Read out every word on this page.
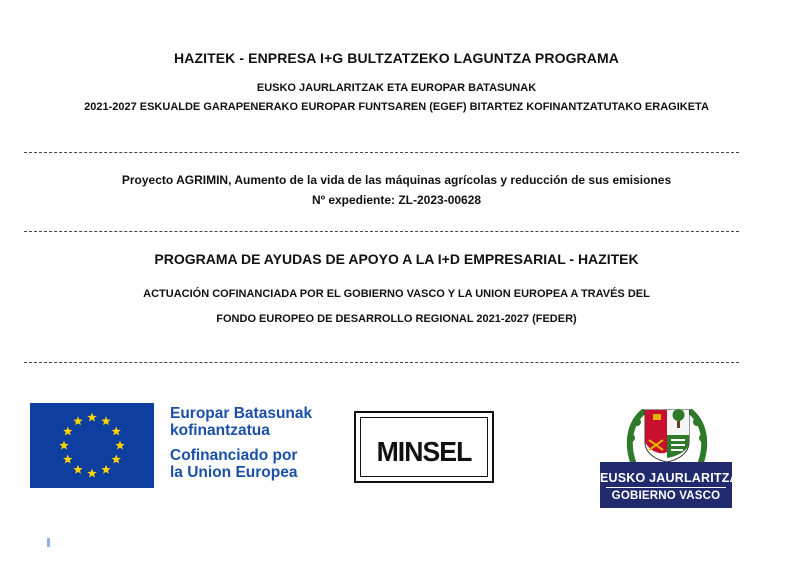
HAZITEK - ENPRESA I+G BULTZATZEKO LAGUNTZA PROGRAMA
EUSKO JAURLARITZAK ETA EUROPAR BATASUNAK
2021-2027 ESKUALDE GARAPENERAKO EUROPAR FUNTSAREN (EGEF) BITARTEZ KOFINANTZATUTAKO ERAGIKETA
Proyecto AGRIMIN, Aumento de la vida de las máquinas agrícolas y reducción de sus emisiones
Nº expediente: ZL-2023-00628
PROGRAMA DE AYUDAS DE APOYO A LA I+D EMPRESARIAL - HAZITEK
ACTUACIÓN COFINANCIADA POR EL GOBIERNO VASCO Y LA UNION EUROPEA A TRAVÉS DEL
FONDO EUROPEO DE DESARROLLO REGIONAL 2021-2027 (FEDER)
Europar Batasunak
kofinantzatua
Cofinanciado por
la Union Europea
MINSEL
EUSKO JAURLARITZA
GOBIERNO VASCO
